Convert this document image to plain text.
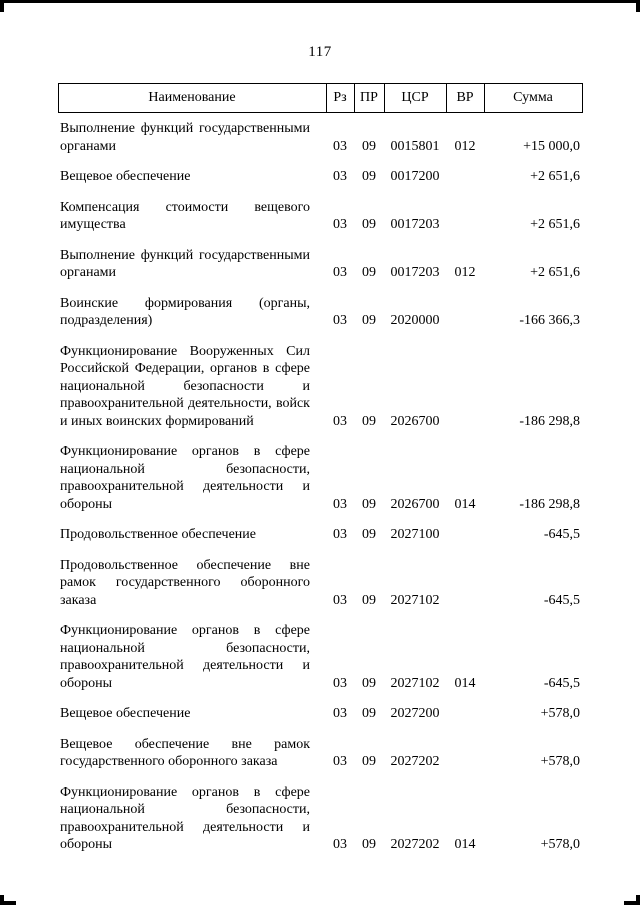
117
Наименование	Рз	ПР	ЦСР	ВР	Сумма
Выполнение функций государственными органами	03	09	0015801	012	+15 000,0
Вещевое обеспечение	03	09	0017200		+2 651,6
Компенсация стоимости вещевого имущества	03	09	0017203		+2 651,6
Выполнение функций государственными органами	03	09	0017203	012	+2 651,6
Воинские формирования (органы, подразделения)	03	09	2020000		-166 366,3
Функционирование Вооруженных Сил Российской Федерации, органов в сфере национальной безопасности и правоохранительной деятельности, войск и иных воинских формирований	03	09	2026700		-186 298,8
Функционирование органов в сфере национальной безопасности, правоохранительной деятельности и обороны	03	09	2026700	014	-186 298,8
Продовольственное обеспечение	03	09	2027100		-645,5
Продовольственное обеспечение вне рамок государственного оборонного заказа	03	09	2027102		-645,5
Функционирование органов в сфере национальной безопасности, правоохранительной деятельности и обороны	03	09	2027102	014	-645,5
Вещевое обеспечение	03	09	2027200		+578,0
Вещевое обеспечение вне рамок государственного оборонного заказа	03	09	2027202		+578,0
Функционирование органов в сфере национальной безопасности, правоохранительной деятельности и обороны	03	09	2027202	014	+578,0
